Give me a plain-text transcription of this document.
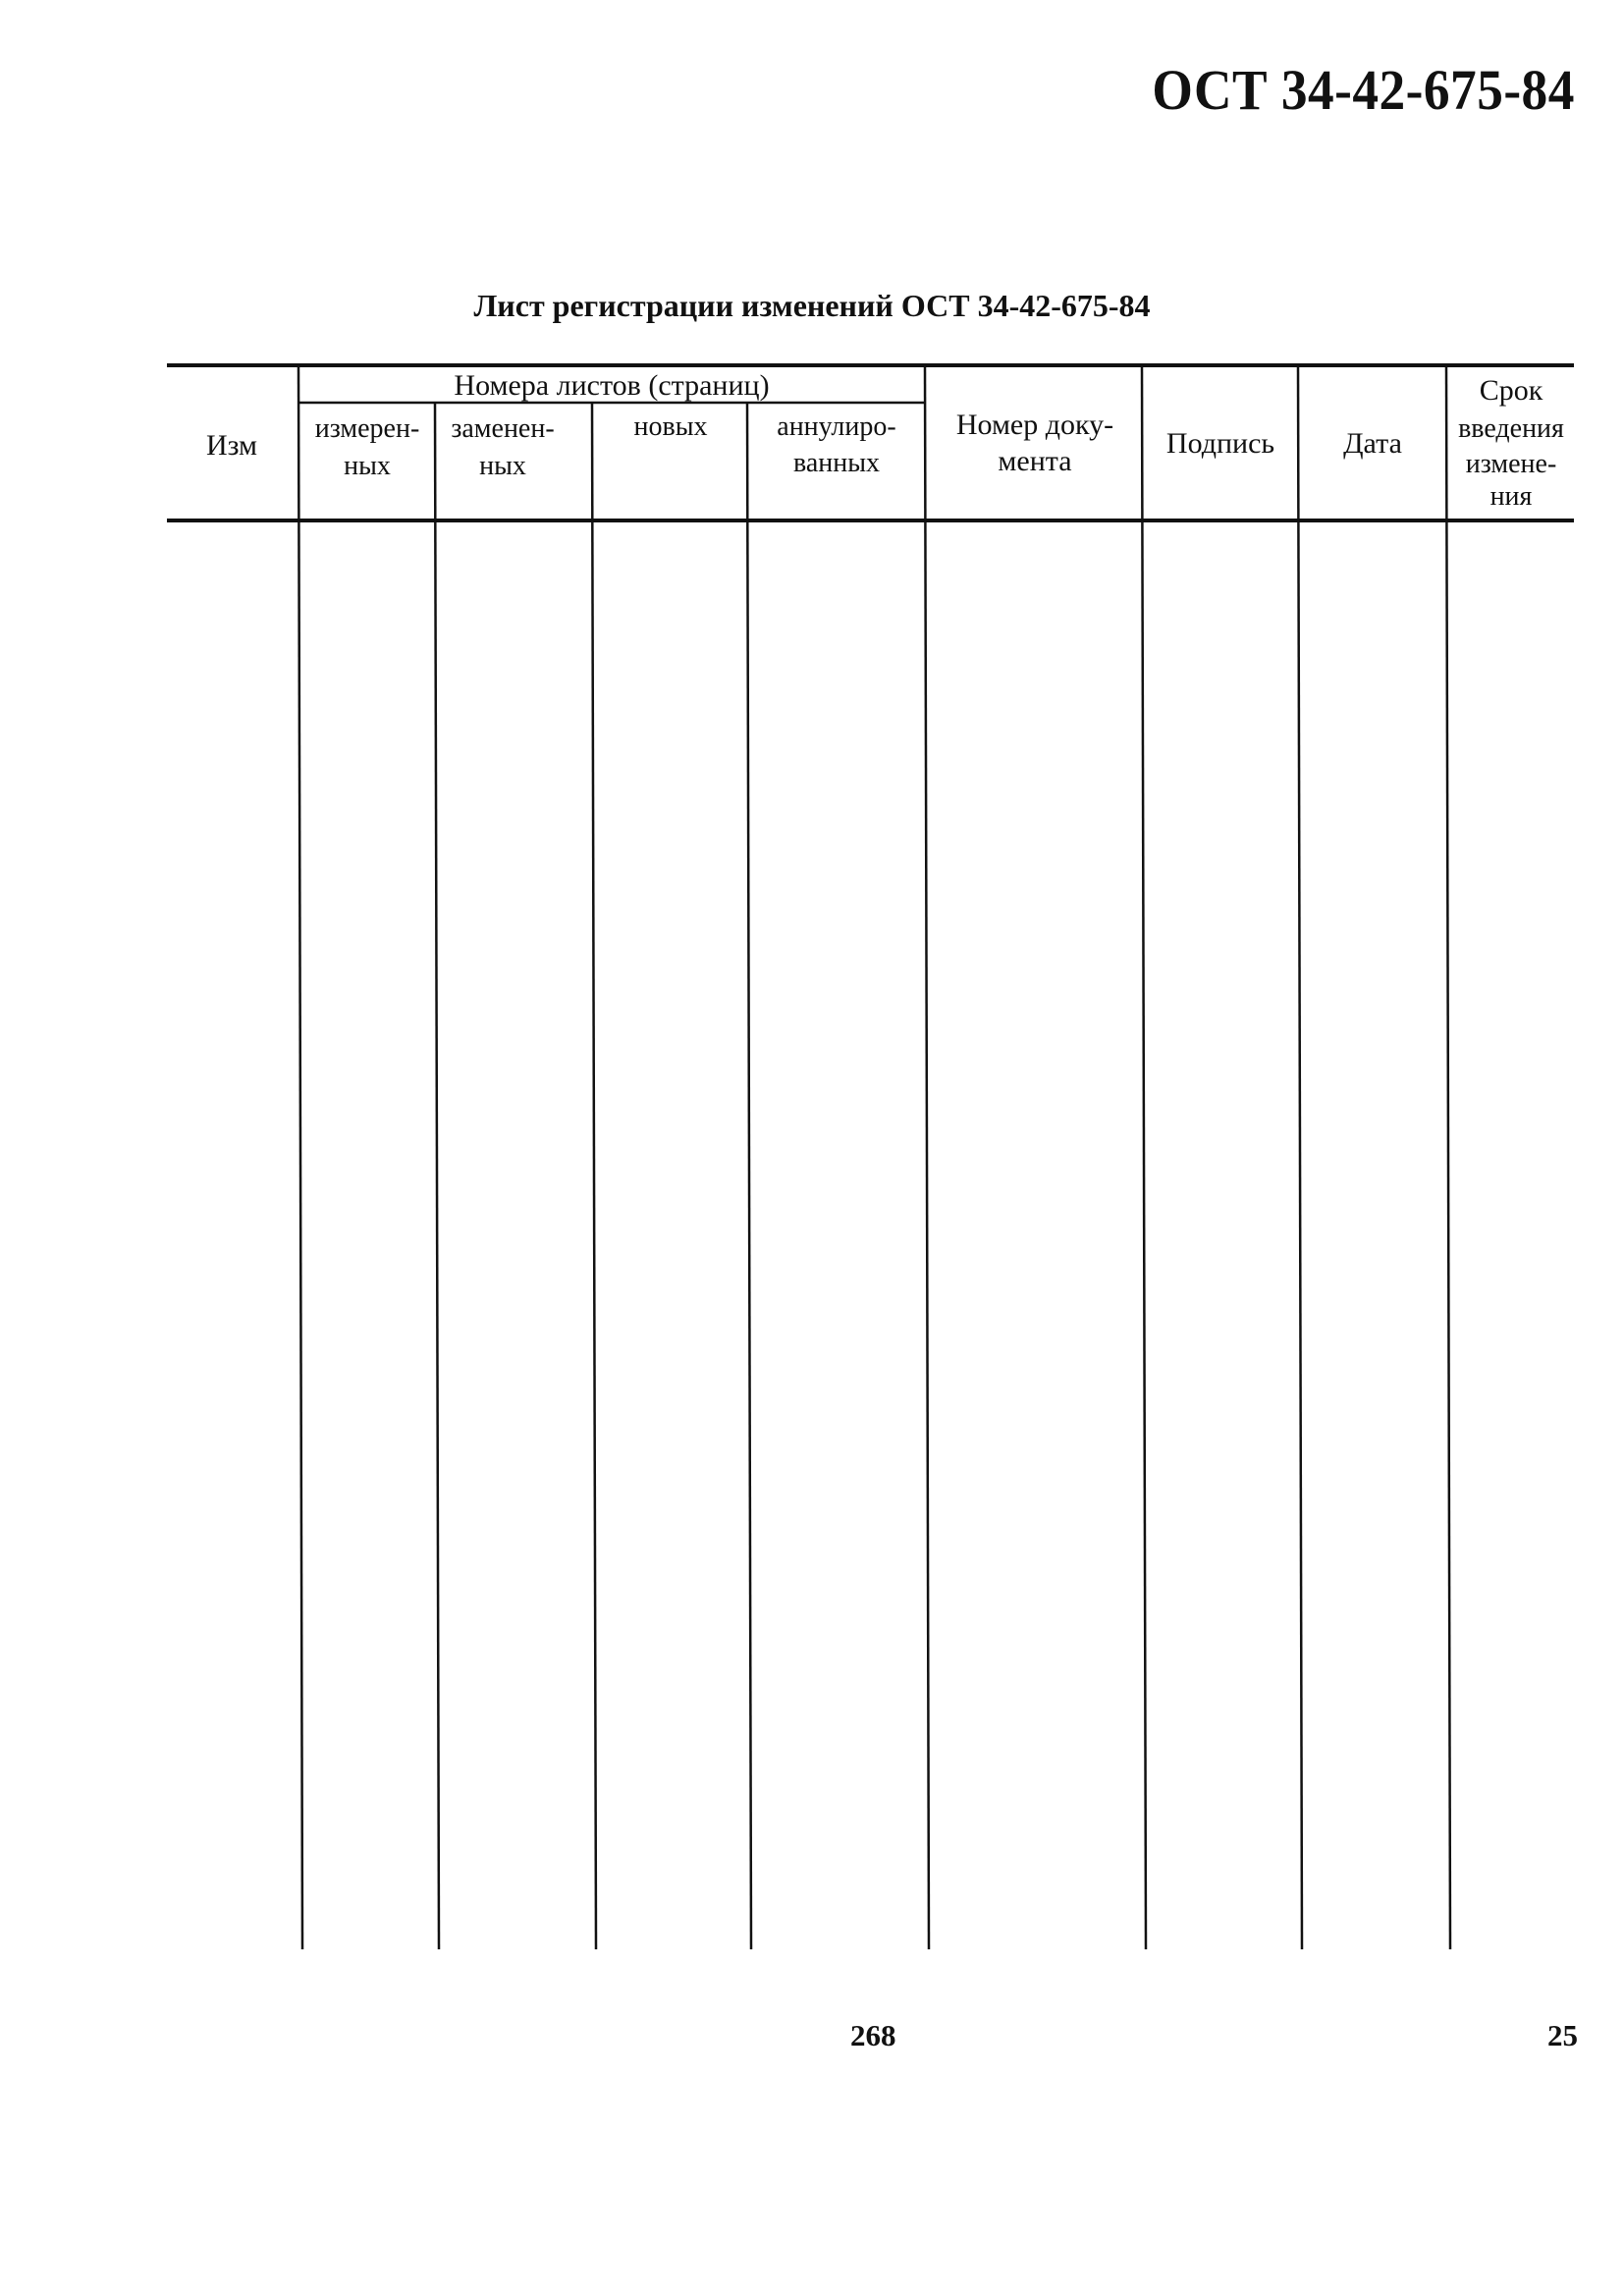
ОСТ 34-42-675-84
Лист регистрации изменений ОСТ 34-42-675-84
Номера листов (страниц)
Изм
измерен-
ных
заменен-
ных
новых	аннулиро-
ванных
Номер доку-
мента
Подпись Дата
Срок
введения
измене-
ния
268	25
